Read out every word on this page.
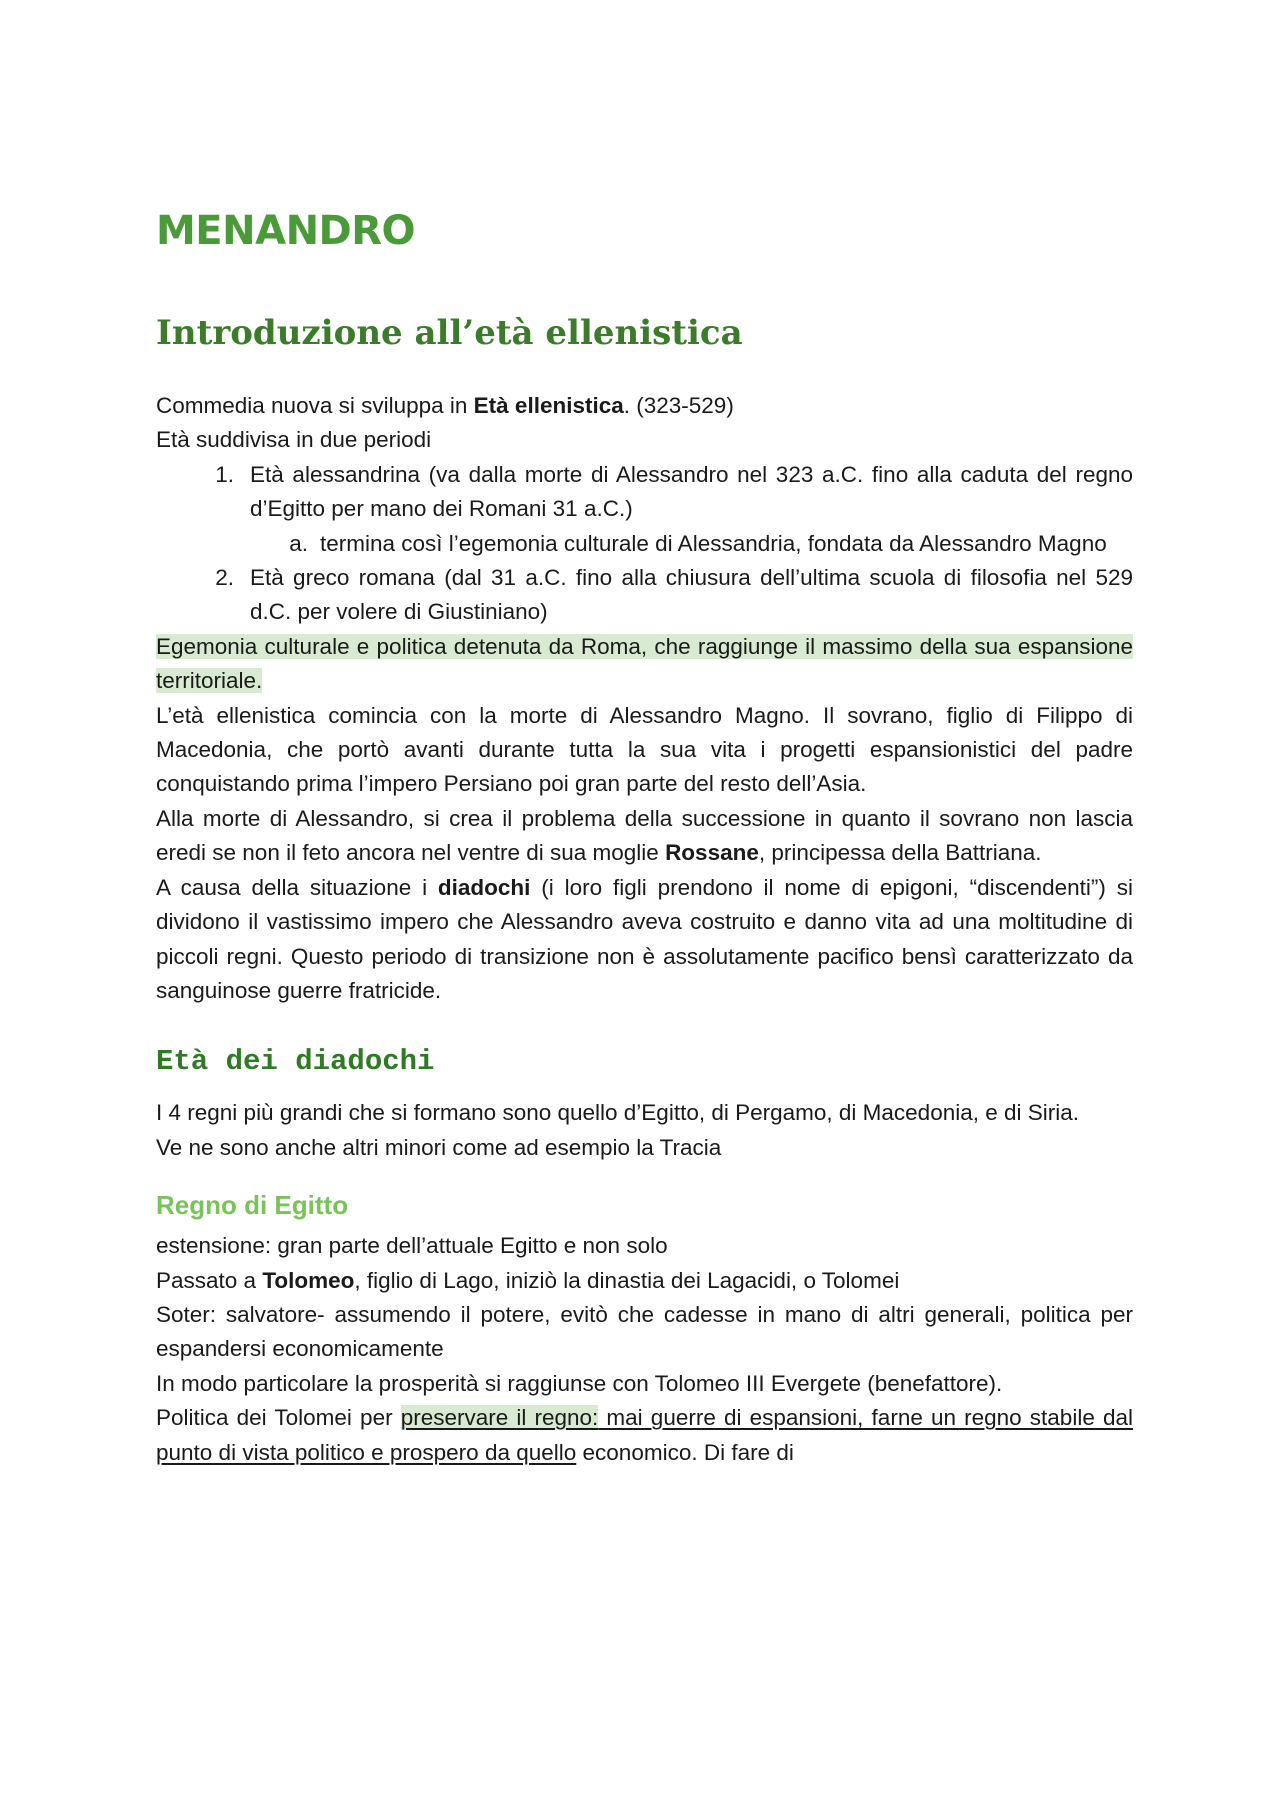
MENANDRO
Introduzione all’età ellenistica

Commedia nuova si sviluppa in Età ellenistica. (323-529)

Età suddivisa in due periodi

1. Età alessandrina (va dalla morte di Alessandro nel 323 a.C. fino alla caduta del regno d’Egitto per mano dei Romani 31 a.C.)
a. termina così l’egemonia culturale di Alessandria, fondata da Alessandro Magno
2. Età greco romana (dal 31 a.C. fino alla chiusura dell’ultima scuola di filosofia nel 529 d.C. per volere di Giustiniano)

Egemonia culturale e politica detenuta da Roma, che raggiunge il massimo della sua espansione territoriale.

L’età ellenistica comincia con la morte di Alessandro Magno. Il sovrano, figlio di Filippo di Macedonia, che portò avanti durante tutta la sua vita i progetti espansionistici del padre conquistando prima l’impero Persiano poi gran parte del resto dell’Asia.

Alla morte di Alessandro, si crea il problema della successione in quanto il sovrano non lascia eredi se non il feto ancora nel ventre di sua moglie Rossane, principessa della Battriana.

A causa della situazione i diadochi (i loro figli prendono il nome di epigoni, “discendenti”) si dividono il vastissimo impero che Alessandro aveva costruito e danno vita ad una moltitudine di piccoli regni. Questo periodo di transizione non è assolutamente pacifico bensì caratterizzato da sanguinose guerre fratricide.

Età dei diadochi

I 4 regni più grandi che si formano sono quello d’Egitto, di Pergamo, di Macedonia, e di Siria.

Ve ne sono anche altri minori come ad esempio la Tracia

Regno di Egitto

estensione: gran parte dell’attuale Egitto e non solo

Passato a Tolomeo, figlio di Lago, iniziò la dinastia dei Lagacidi, o Tolomei

Soter: salvatore- assumendo il potere, evitò che cadesse in mano di altri generali, politica per espandersi economicamente

In modo particolare la prosperità si raggiunse con Tolomeo III Evergete (benefattore).

Politica dei Tolomei per preservare il regno: mai guerre di espansioni, farne un regno stabile dal punto di vista politico e prospero da quello economico. Di fare di
